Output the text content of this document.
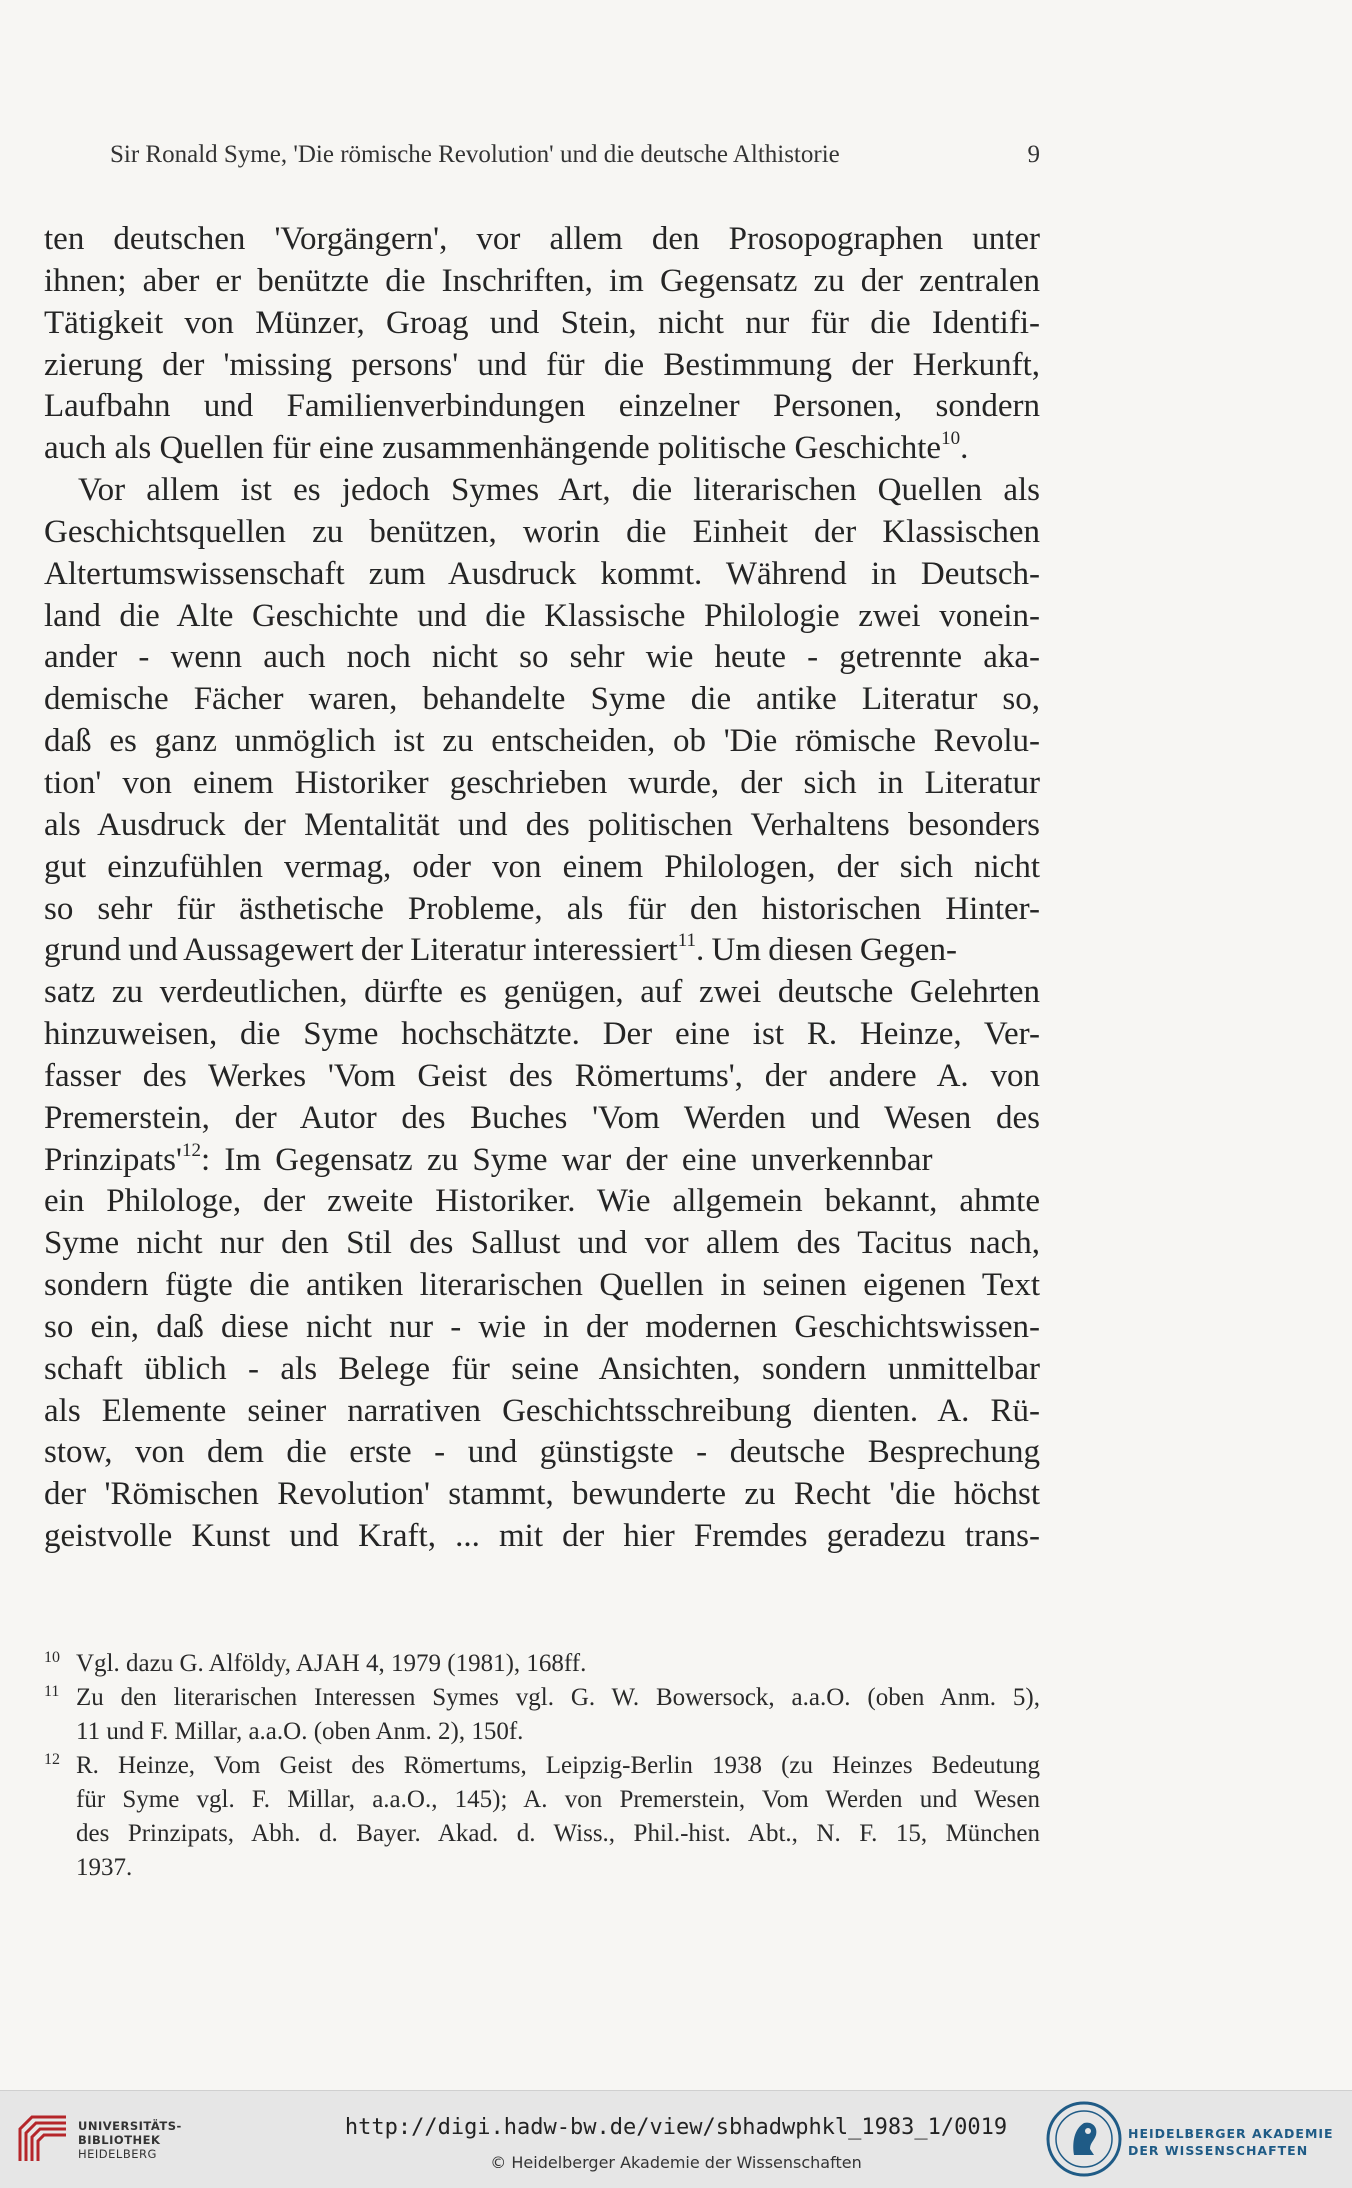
Sir Ronald Syme, 'Die römische Revolution' und die deutsche Althistorie	9
ten deutschen 'Vorgängern', vor allem den Prosopographen unter
ihnen; aber er benützte die Inschriften, im Gegensatz zu der zentralen
Tätigkeit von Münzer, Groag und Stein, nicht nur für die Identifi-
zierung der 'missing persons' und für die Bestimmung der Herkunft,
Laufbahn und Familienverbindungen einzelner Personen, sondern
auch als Quellen für eine zusammenhängende politische Geschichte$^{10}$.
Vor allem ist es jedoch Symes Art, die literarischen Quellen als
Geschichtsquellen zu benützen, worin die Einheit der Klassischen
Altertumswissenschaft zum Ausdruck kommt. Während in Deutsch-
land die Alte Geschichte und die Klassische Philologie zwei vonein-
ander - wenn auch noch nicht so sehr wie heute - getrennte aka-
demische Fächer waren, behandelte Syme die antike Literatur so,
daß es ganz unmöglich ist zu entscheiden, ob 'Die römische Revolu-
tion' von einem Historiker geschrieben wurde, der sich in Literatur
als Ausdruck der Mentalität und des politischen Verhaltens besonders
gut einzufühlen vermag, oder von einem Philologen, der sich nicht
so sehr für ästhetische Probleme, als für den historischen Hinter-
grund und Aussagewert der Literatur interessiert$^{11}$. Um diesen Gegen-
satz zu verdeutlichen, dürfte es genügen, auf zwei deutsche Gelehrten
hinzuweisen, die Syme hochschätzte. Der eine ist R. Heinze, Ver-
fasser des Werkes 'Vom Geist des Römertums', der andere A. von
Premerstein, der Autor des Buches 'Vom Werden und Wesen des
$Prinzipats'^{12}$: Im Gegensatz zu Syme war der eine unverkennbar
ein Philologe, der zweite Historiker. Wie allgemein bekannt, ahmte
Syme nicht nur den Stil des Sallust und vor allem des Tacitus nach,
sondern fügte die antiken literarischen Quellen in seinen eigenen Text
so ein, daß diese nicht nur - wie in der modernen Geschichtswissen-
schaft üblich - als Belege für seine Ansichten, sondern unmittelbar
als Elemente seiner narrativen Geschichtsschreibung dienten. A. Rü-
stow, von dem die erste - und günstigste - deutsche Besprechung
der 'Römischen Revolution' stammt, bewunderte zu Recht 'die höchst
geistvolle Kunst und Kraft, ... mit der hier Fremdes geradezu trans-
10 Vgl. dazu G. Alföldy, AJAH 4, 1979 (1981), 168ff.
11 Zu den literarischen Interessen Symes vgl. G. W. Bowersock, a.a.O. (oben Anm. 5),
11 und F. Millar, a.a.O. (oben Anm. 2), 150f.
12 R. Heinze, Vom Geist des Römertums, Leipzig-Berlin 1938 (zu Heinzes Bedeutung
für Syme vgl. F. Millar, a.a.O., 145); A. von Premerstein, Vom Werden und Wesen
des Prinzipats, Abh. d. Bayer. Akad. d. Wiss., Phil.-hist. Abt., N. F. 15, München
1937.
UNIVERSITÄTS-
BIBLIOTHEK
HEIDELBERG
http://digi.hadw-bw.de/view/sbhadwphkl_1983_1/0019
© Heidelberger Akademie der Wissenschaften
HEIDELBERGER AKADEMIE
DER WISSENSCHAFTEN
